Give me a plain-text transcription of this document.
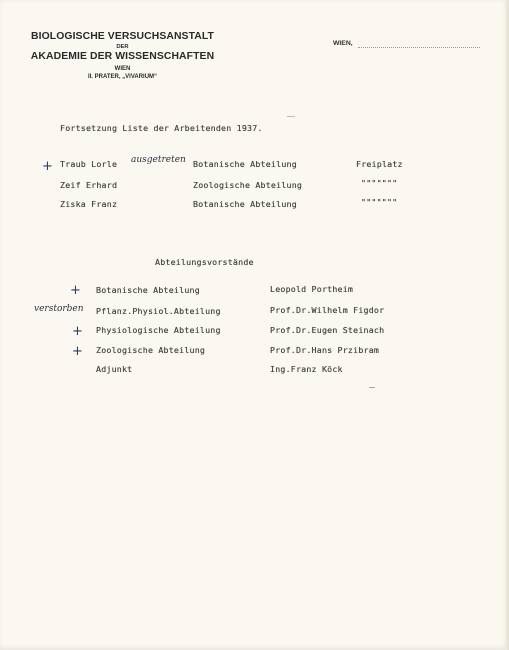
BIOLOGISCHE VERSUCHSANSTALT
DER
AKADEMIE DER WISSENSCHAFTEN
WIEN
II. PRATER, „VIVARIUM“
WIEN,
Fortsetzung Liste der Arbeitenden 1937.
+ Traub Lorle ausgetreten Botanische Abteilung	Freiplatz
Zeif Erhard	Zoologische Abteilung	"""""""
Ziska Franz	Botanische Abteilung	"""""""
Abteilungsvorstände
+ Botanische Abteilung	Leopold Portheim
verstorben Pflanz.Physiol.Abteilung	Prof.Dr.Wilhelm Figdor
+ Physiologische Abteilung	Prof.Dr.Eugen Steinach
+ Zoologische Abteilung	Prof.Dr.Hans Przibram
Adjunkt	Ing.Franz Köck
